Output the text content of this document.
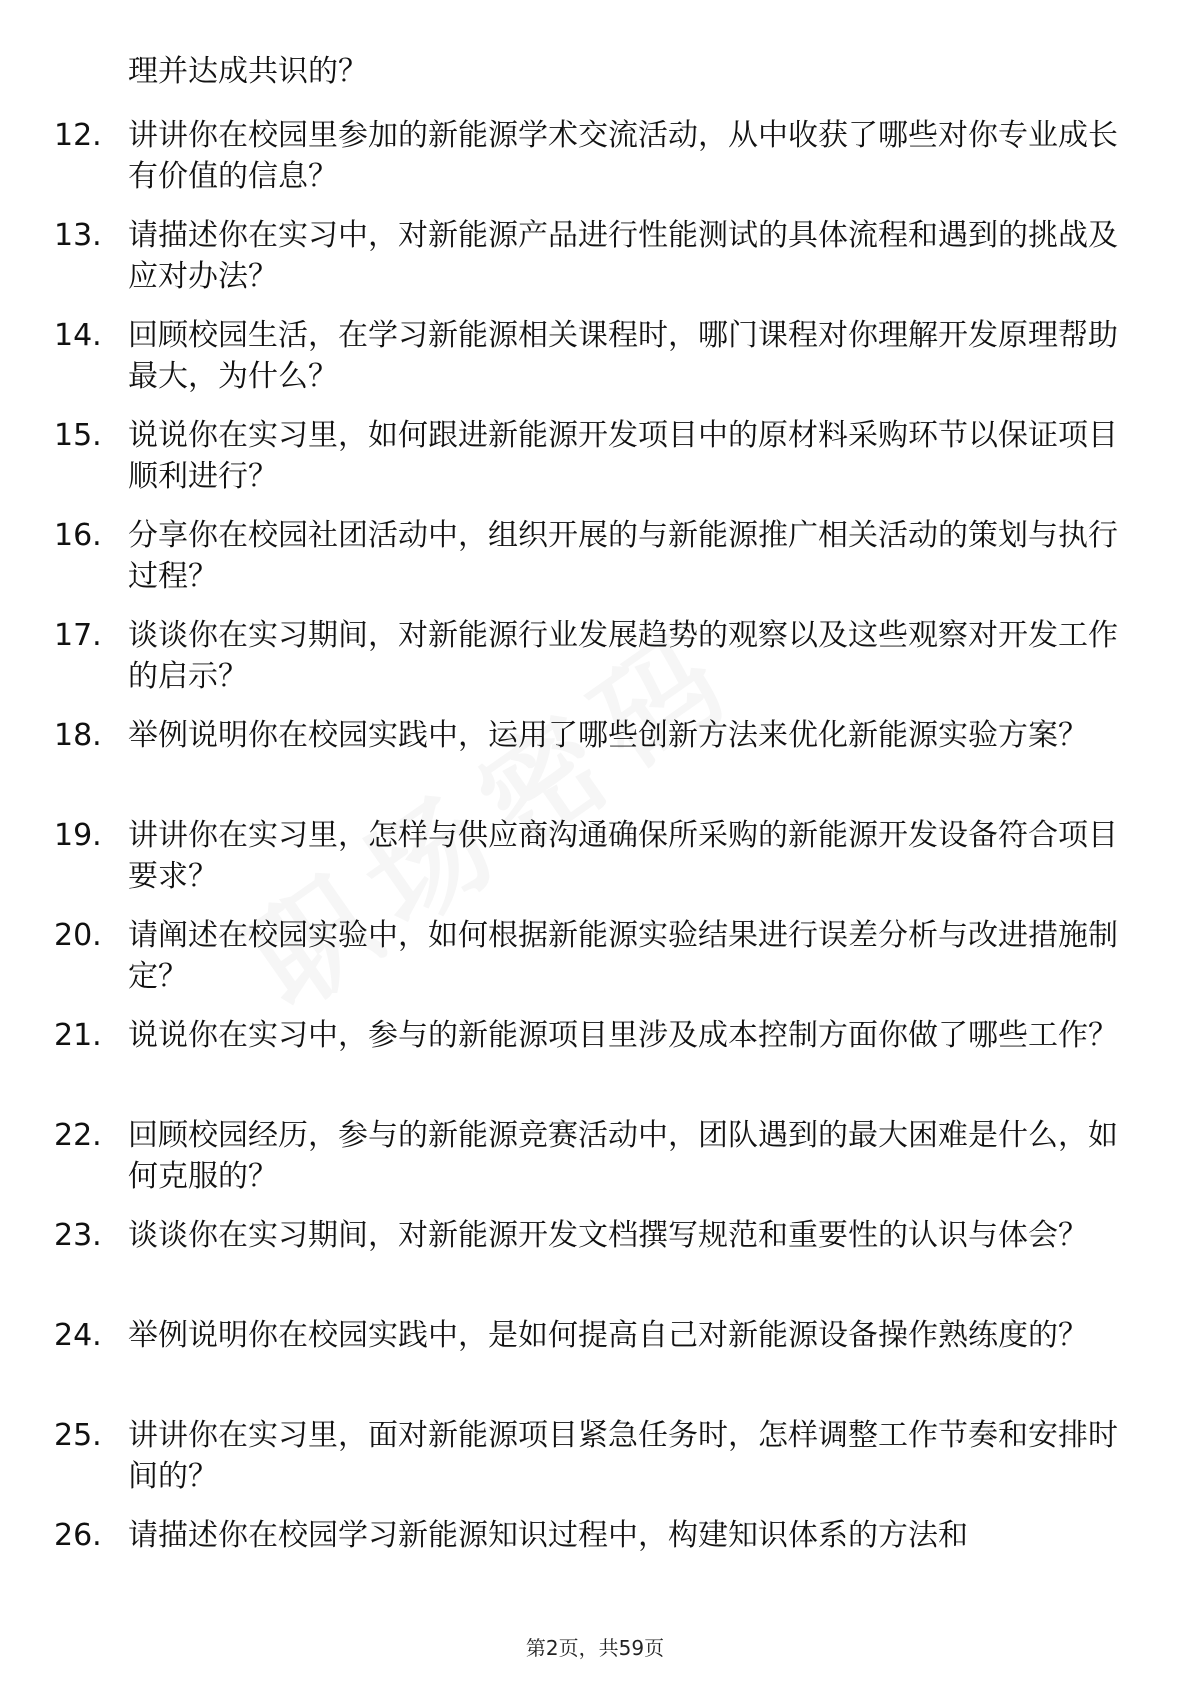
理并达成共识的？

12. 讲讲你在校园里参加的新能源学术交流活动，从中收获了哪些对你专业成长有价值的信息？

13. 请描述你在实习中，对新能源产品进行性能测试的具体流程和遇到的挑战及应对办法？

14. 回顾校园生活，在学习新能源相关课程时，哪门课程对你理解开发原理帮助最大，为什么？

15. 说说你在实习里，如何跟进新能源开发项目中的原材料采购环节以保证项目顺利进行？

16. 分享你在校园社团活动中，组织开展的与新能源推广相关活动的策划与执行过程？

17. 谈谈你在实习期间，对新能源行业发展趋势的观察以及这些观察对开发工作的启示？

18. 举例说明你在校园实践中，运用了哪些创新方法来优化新能源实验方案？

19. 讲讲你在实习里，怎样与供应商沟通确保所采购的新能源开发设备符合项目要求？

20. 请阐述在校园实验中，如何根据新能源实验结果进行误差分析与改进措施制定？

21. 说说你在实习中，参与的新能源项目里涉及成本控制方面你做了哪些工作？

22. 回顾校园经历，参与的新能源竞赛活动中，团队遇到的最大困难是什么，如何克服的？

23. 谈谈你在实习期间，对新能源开发文档撰写规范和重要性的认识与体会？

24. 举例说明你在校园实践中，是如何提高自己对新能源设备操作熟练度的？

25. 讲讲你在实习里，面对新能源项目紧急任务时，怎样调整工作节奏和安排时间的？

26. 请描述你在校园学习新能源知识过程中，构建知识体系的方法和

第2页，共59页
